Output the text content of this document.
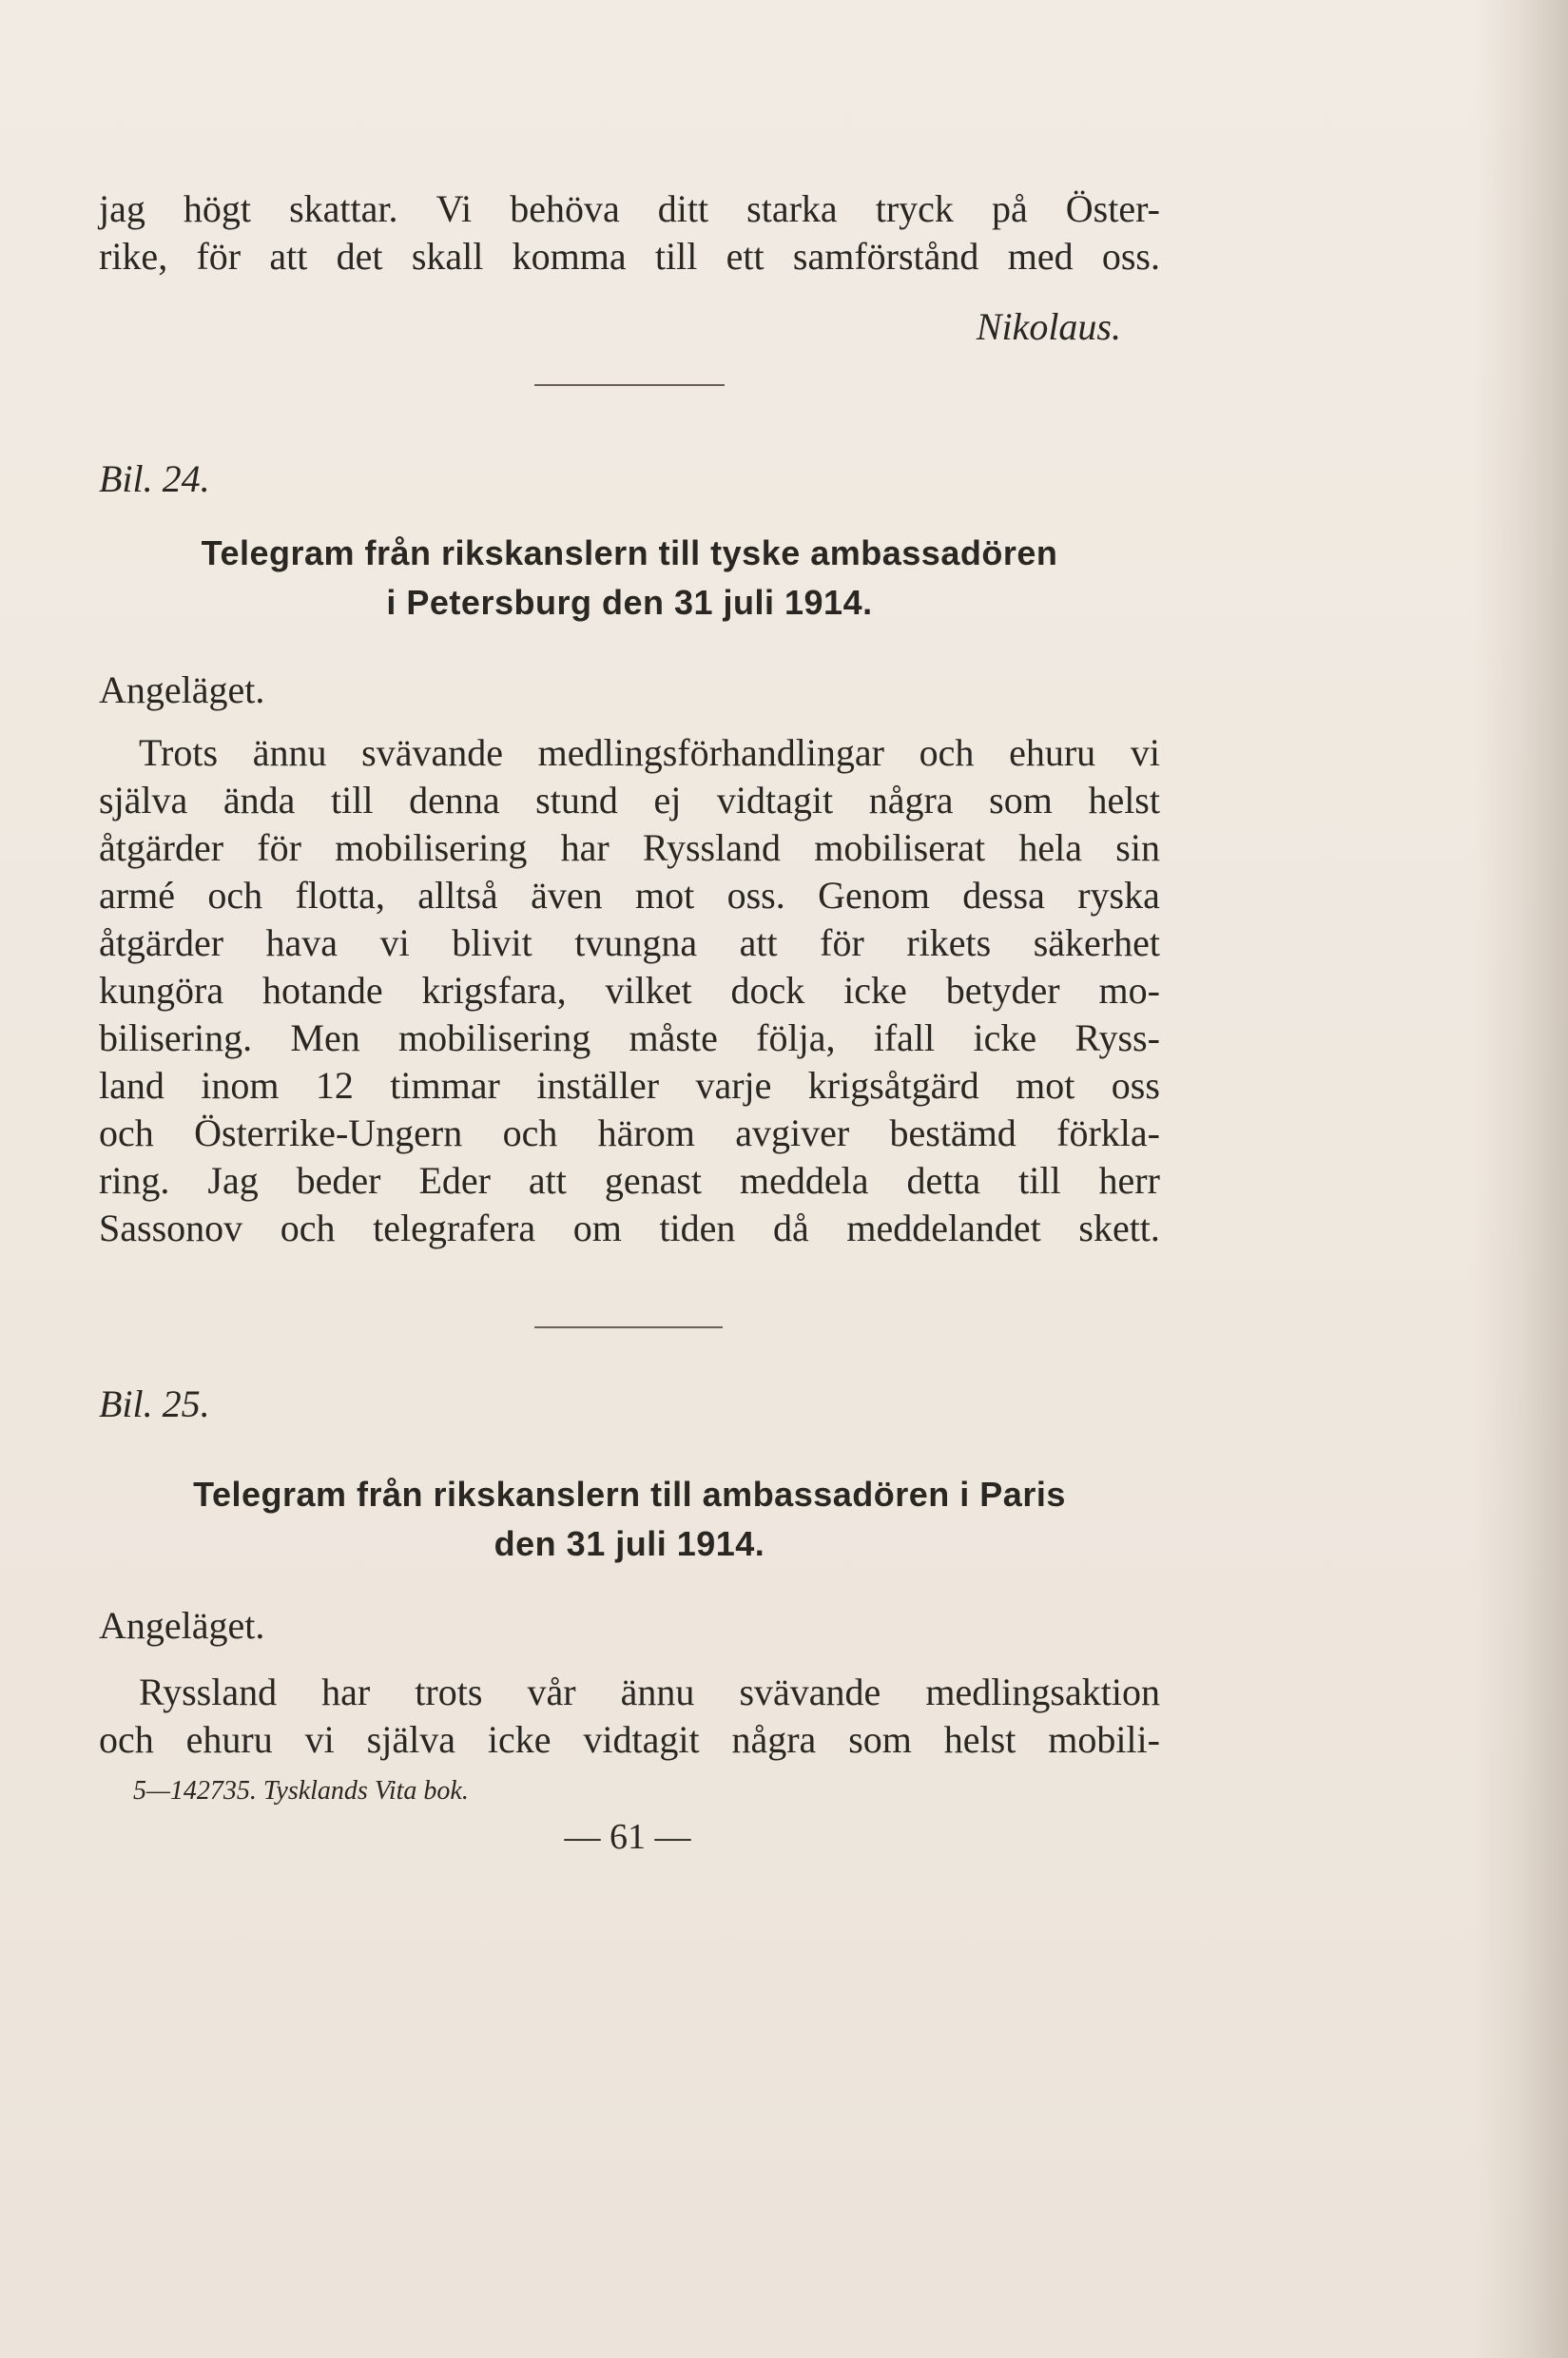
jag högt skattar. Vi behöva ditt starka tryck på Öster-
rike, för att det skall komma till ett samförstånd med oss.
Nikolaus.
Bil. 24.
Telegram från rikskanslern till tyske ambassadören
i Petersburg den 31 juli 1914.
Angeläget.
Trots ännu svävande medlingsförhandlingar och ehuru vi
själva ända till denna stund ej vidtagit några som helst
åtgärder för mobilisering har Ryssland mobiliserat hela sin
armé och flotta, alltså även mot oss. Genom dessa ryska
åtgärder hava vi blivit tvungna att för rikets säkerhet
kungöra hotande krigsfara, vilket dock icke betyder mo-
bilisering. Men mobilisering måste följa, ifall icke Ryss-
land inom 12 timmar inställer varje krigsåtgärd mot oss
och Österrike-Ungern och härom avgiver bestämd förkla-
ring. Jag beder Eder att genast meddela detta till herr
Sassonov och telegrafera om tiden då meddelandet skett.
Bil. 25.
Telegram från rikskanslern till ambassadören i Paris
den 31 juli 1914.
Angeläget.
Ryssland har trots vår ännu svävande medlingsaktion
och ehuru vi själva icke vidtagit några som helst mobili-
5—142735. Tysklands Vita bok.
— 61 —
